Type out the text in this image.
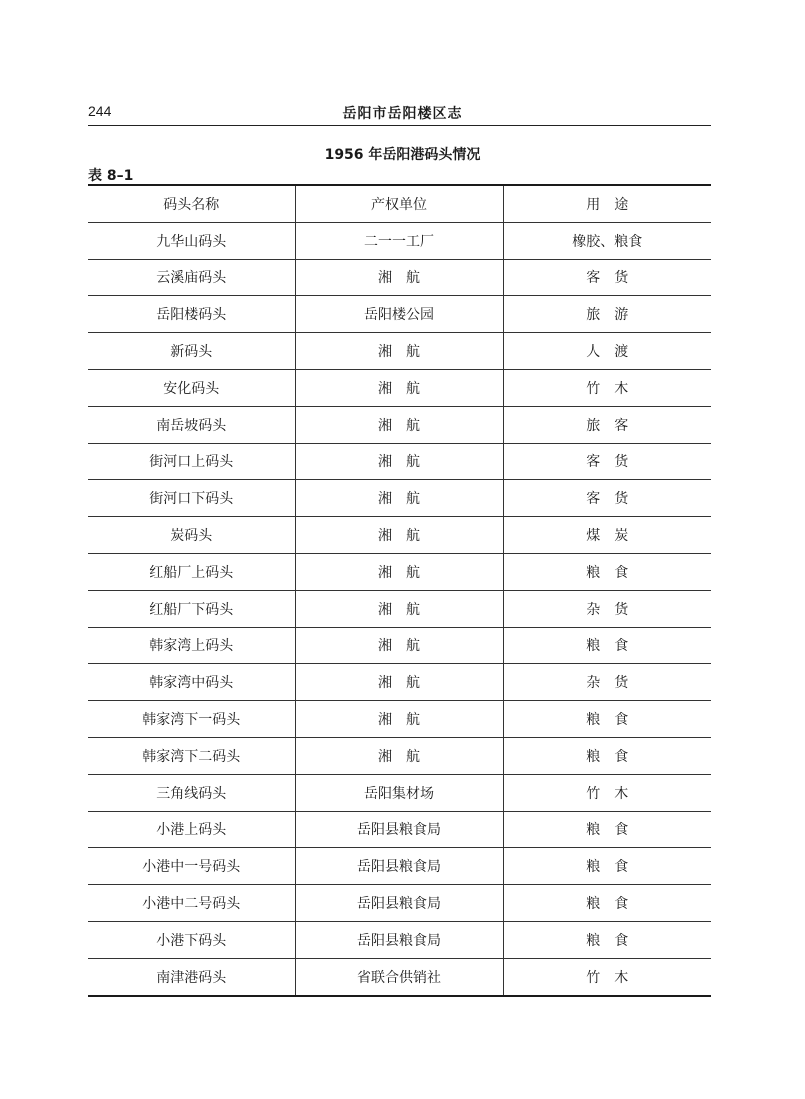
244	岳阳市岳阳楼区志
1956 年岳阳港码头情况
表 8–1
码头名称	产权单位	用　途
九华山码头	二一一工厂	橡胶、粮食
云溪庙码头	湘　航	客　货
岳阳楼码头	岳阳楼公园	旅　游
新码头	湘　航	人　渡
安化码头	湘　航	竹　木
南岳坡码头	湘　航	旅　客
街河口上码头	湘　航	客　货
街河口下码头	湘　航	客　货
炭码头	湘　航	煤　炭
红船厂上码头	湘　航	粮　食
红船厂下码头	湘　航	杂　货
韩家湾上码头	湘　航	粮　食
韩家湾中码头	湘　航	杂　货
韩家湾下一码头	湘　航	粮　食
韩家湾下二码头	湘　航	粮　食
三角线码头	岳阳集材场	竹　木
小港上码头	岳阳县粮食局	粮　食
小港中一号码头	岳阳县粮食局	粮　食
小港中二号码头	岳阳县粮食局	粮　食
小港下码头	岳阳县粮食局	粮　食
南津港码头	省联合供销社	竹　木
